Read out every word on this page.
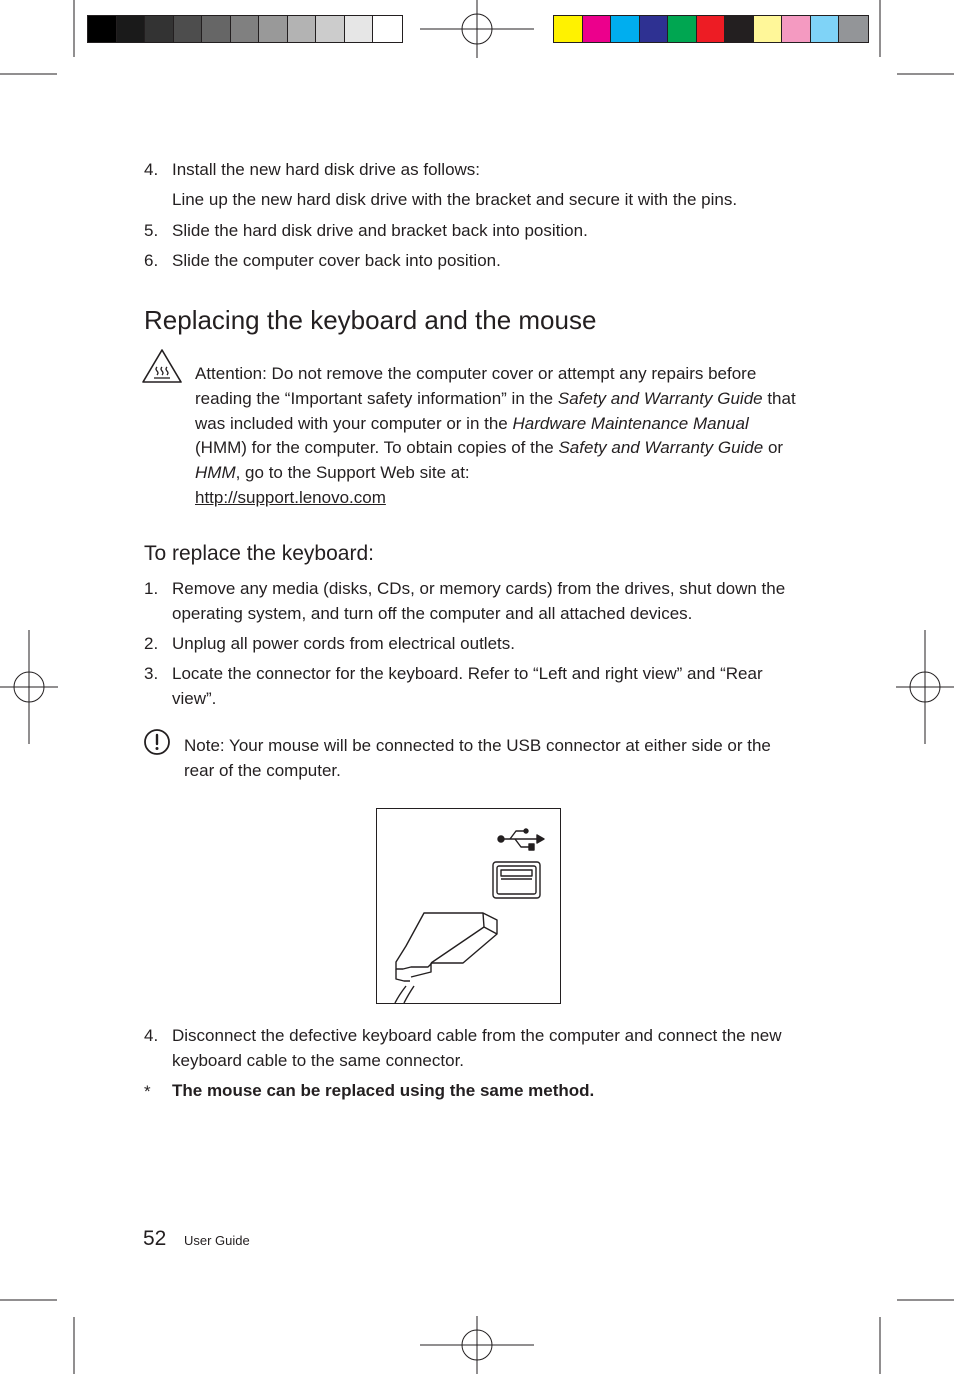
4. Install the new hard disk drive as follows:
Line up the new hard disk drive with the bracket and secure it with the pins.
5. Slide the hard disk drive and bracket back into position.
6. Slide the computer cover back into position.
Replacing the keyboard and the mouse
Attention: Do not remove the computer cover or attempt any repairs before reading the “Important safety information” in the Safety and Warranty Guide that was included with your computer or in the Hardware Maintenance Manual (HMM) for the computer. To obtain copies of the Safety and Warranty Guide or HMM, go to the Support Web site at:
http://support.lenovo.com
To replace the keyboard:
1. Remove any media (disks, CDs, or memory cards) from the drives, shut down the operating system, and turn off the computer and all attached devices.
2. Unplug all power cords from electrical outlets.
3. Locate the connector for the keyboard. Refer to “Left and right view” and “Rear view”.
Note: Your mouse will be connected to the USB connector at either side or the rear of the computer.
4. Disconnect the defective keyboard cable from the computer and connect the new keyboard cable to the same connector.
* The mouse can be replaced using the same method.
52 User Guide
